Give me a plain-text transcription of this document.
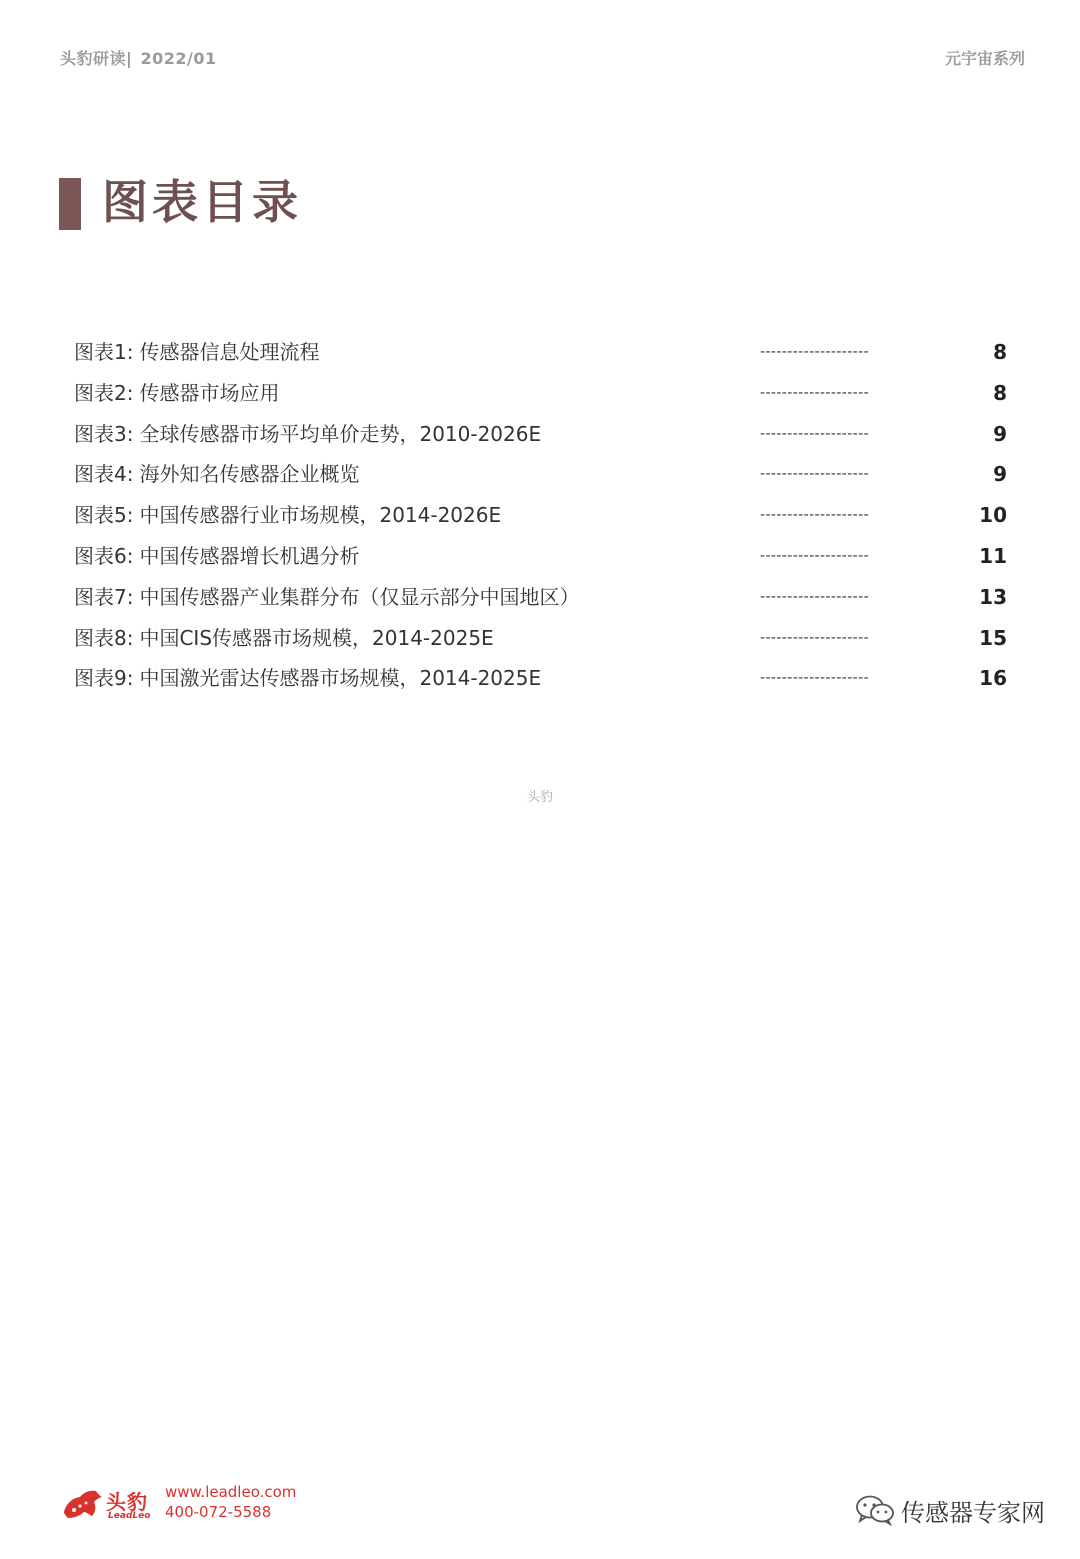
头豹研读| 2022/01	元宇宙系列
图表目录
图表1: 传感器信息处理流程	--------------------	8
图表2: 传感器市场应用	--------------------	8
图表3: 全球传感器市场平均单价走势，2010-2026E	--------------------	9
图表4: 海外知名传感器企业概览	--------------------	9
图表5: 中国传感器行业市场规模，2014-2026E	--------------------	10
图表6: 中国传感器增长机遇分析	--------------------	11
图表7: 中国传感器产业集群分布（仅显示部分中国地区）	--------------------	13
图表8: 中国CIS传感器市场规模，2014-2025E	--------------------	15
图表9: 中国激光雷达传感器市场规模，2014-2025E	--------------------	16
头豹
头豹
LeadLeo
www.leadleo.com
400-072-5588	传感器专家网
